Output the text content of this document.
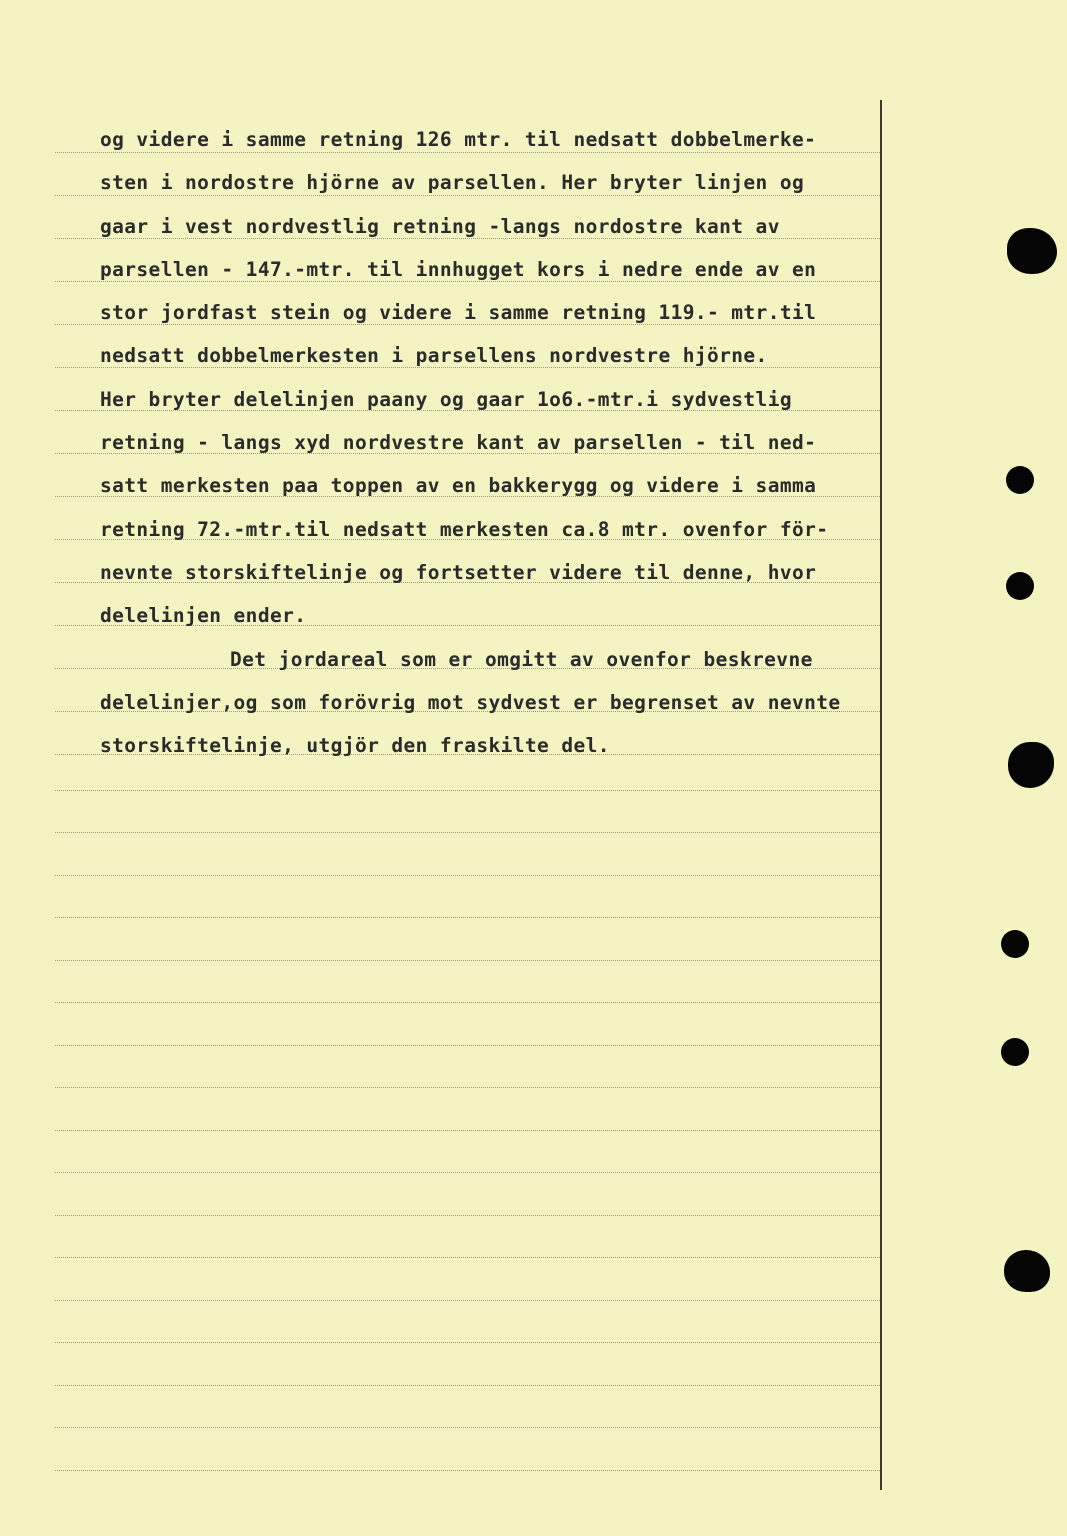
og videre i samme retning 126 mtr. til nedsatt dobbelmerke-
sten i nordostre hjörne av parsellen. Her bryter linjen og
gaar i vest nordvestlig retning -langs nordostre kant av
parsellen - 147.-mtr. til innhugget kors i nedre ende av en
stor jordfast stein og videre i samme retning 119.- mtr.til
nedsatt dobbelmerkesten i parsellens nordvestre hjörne.
Her bryter delelinjen paany og gaar 1o6.-mtr.i sydvestlig
retning - langs xyd nordvestre kant av parsellen - til ned-
satt merkesten paa toppen av en bakkerygg og videre i samma
retning 72.-mtr.til nedsatt merkesten ca.8 mtr. ovenfor för-
nevnte storskiftelinje og fortsetter videre til denne, hvor
delelinjen ender.
Det jordareal som er omgitt av ovenfor beskrevne
delelinjer,og som forövrig mot sydvest er begrenset av nevnte
storskiftelinje, utgjör den fraskilte del.
